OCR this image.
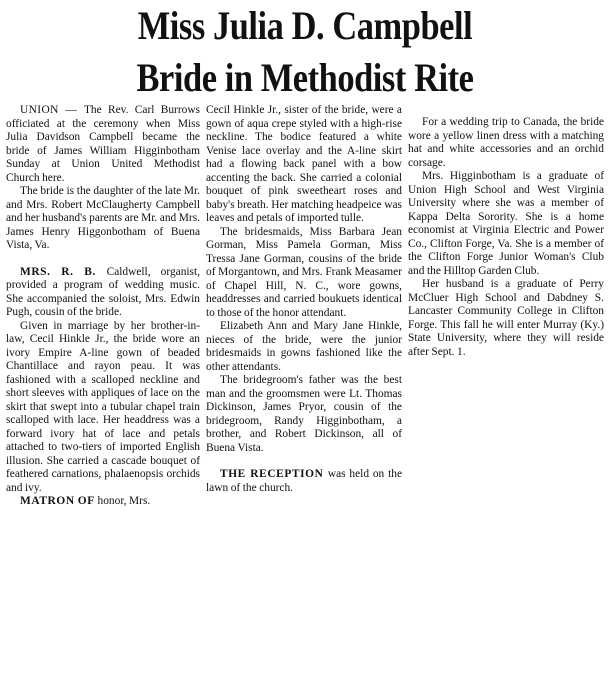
Miss Julia D. Campbell
Bride in Methodist Rite

UNION — The Rev. Carl Burrows officiated at the ceremony when Miss Julia Davidson Campbell became the bride of James William Higginbotham Sunday at Union United Methodist Church here.

The bride is the daughter of the late Mr. and Mrs. Robert McClaugherty Campbell and her husband's parents are Mr. and Mrs. James Henry Higgonbotham of Buena Vista, Va.

MRS. R. B. Caldwell, organist, provided a program of wedding music. She accompanied the soloist, Mrs. Edwin Pugh, cousin of the bride.

Given in marriage by her brother-in-law, Cecil Hinkle Jr., the bride wore an ivory Empire A-line gown of beaded Chantillace and rayon peau. It was fashioned with a scalloped neckline and short sleeves with appliques of lace on the skirt that swept into a tubular chapel train scalloped with lace. Her headdress was a forward ivory hat of lace and petals attached to two-tiers of imported English illusion. She carried a cascade bouquet of feathered carnations, phalaenopsis orchids and ivy.

MATRON OF honor, Mrs.

Cecil Hinkle Jr., sister of the bride, were a gown of aqua crepe styled with a high-rise neckline. The bodice featured a white Venise lace overlay and the A-line skirt had a flowing back panel with a bow accenting the back. She carried a colonial bouquet of pink sweetheart roses and baby's breath. Her matching headpeice was leaves and petals of imported tulle.

The bridesmaids, Miss Barbara Jean Gorman, Miss Pamela Gorman, Miss Tressa Jane Gorman, cousins of the bride of Morgantown, and Mrs. Frank Measamer of Chapel Hill, N. C., wore gowns, headdresses and carried boukuets identical to those of the honor attendant.

Elizabeth Ann and Mary Jane Hinkle, nieces of the bride, were the junior bridesmaids in gowns fashioned like the other attendants.

The bridegroom's father was the best man and the groomsmen were Lt. Thomas Dickinson, James Pryor, cousin of the bridegroom, Randy Higginbotham, a brother, and Robert Dickinson, all of Buena Vista.

THE RECEPTION was held on the lawn of the church.

For a wedding trip to Canada, the bride wore a yellow linen dress with a matching hat and white accessories and an orchid corsage.

Mrs. Higginbotham is a graduate of Union High School and West Virginia University where she was a member of Kappa Delta Sorority. She is a home economist at Virginia Electric and Power Co., Clifton Forge, Va. She is a member of the Clifton Forge Junior Woman's Club and the Hilltop Garden Club.

Her husband is a graduate of Perry McCluer High School and Dabdney S. Lancaster Community College in Clifton Forge. This fall he will enter Murray (Ky.) State University, where they will reside after Sept. 1.
